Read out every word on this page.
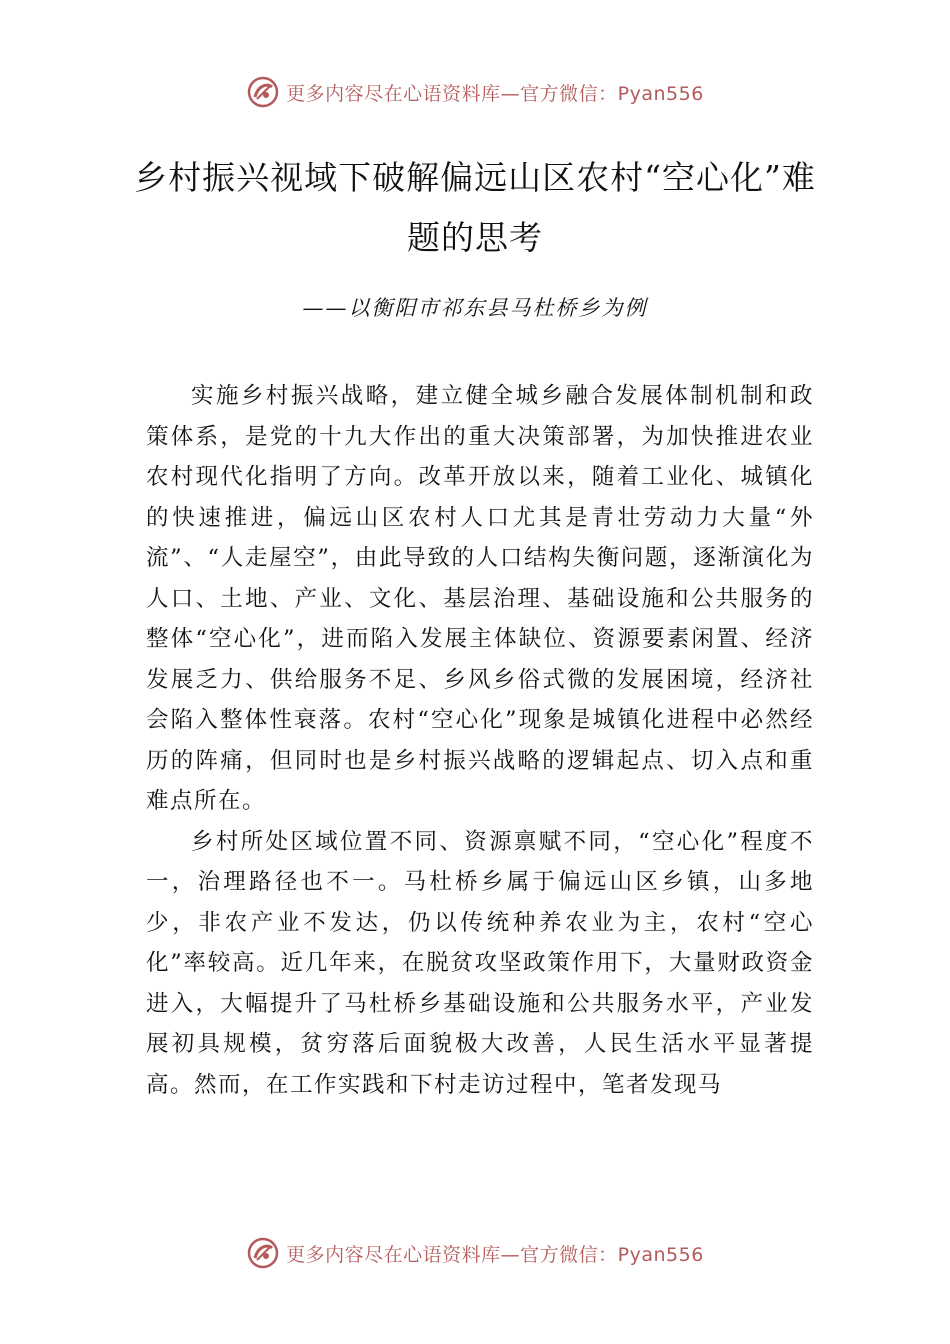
更多内容尽在心语资料库—官方微信：Pyan556
乡村振兴视域下破解偏远山区农村“空心化”难题的思考
——以衡阳市祁东县马杜桥乡为例

实施乡村振兴战略，建立健全城乡融合发展体制机制和政策体系，是党的十九大作出的重大决策部署，为加快推进农业农村现代化指明了方向。改革开放以来，随着工业化、城镇化的快速推进，偏远山区农村人口尤其是青壮劳动力大量“外流”、“人走屋空”，由此导致的人口结构失衡问题，逐渐演化为人口、土地、产业、文化、基层治理、基础设施和公共服务的整体“空心化”，进而陷入发展主体缺位、资源要素闲置、经济发展乏力、供给服务不足、乡风乡俗式微的发展困境，经济社会陷入整体性衰落。农村“空心化”现象是城镇化进程中必然经历的阵痛，但同时也是乡村振兴战略的逻辑起点、切入点和重难点所在。

乡村所处区域位置不同、资源禀赋不同，“空心化”程度不一，治理路径也不一。马杜桥乡属于偏远山区乡镇，山多地少，非农产业不发达，仍以传统种养农业为主，农村“空心化”率较高。近几年来，在脱贫攻坚政策作用下，大量财政资金进入，大幅提升了马杜桥乡基础设施和公共服务水平，产业发展初具规模，贫穷落后面貌极大改善，人民生活水平显著提高。然而，在工作实践和下村走访过程中，笔者发现马

更多内容尽在心语资料库—官方微信：Pyan556
